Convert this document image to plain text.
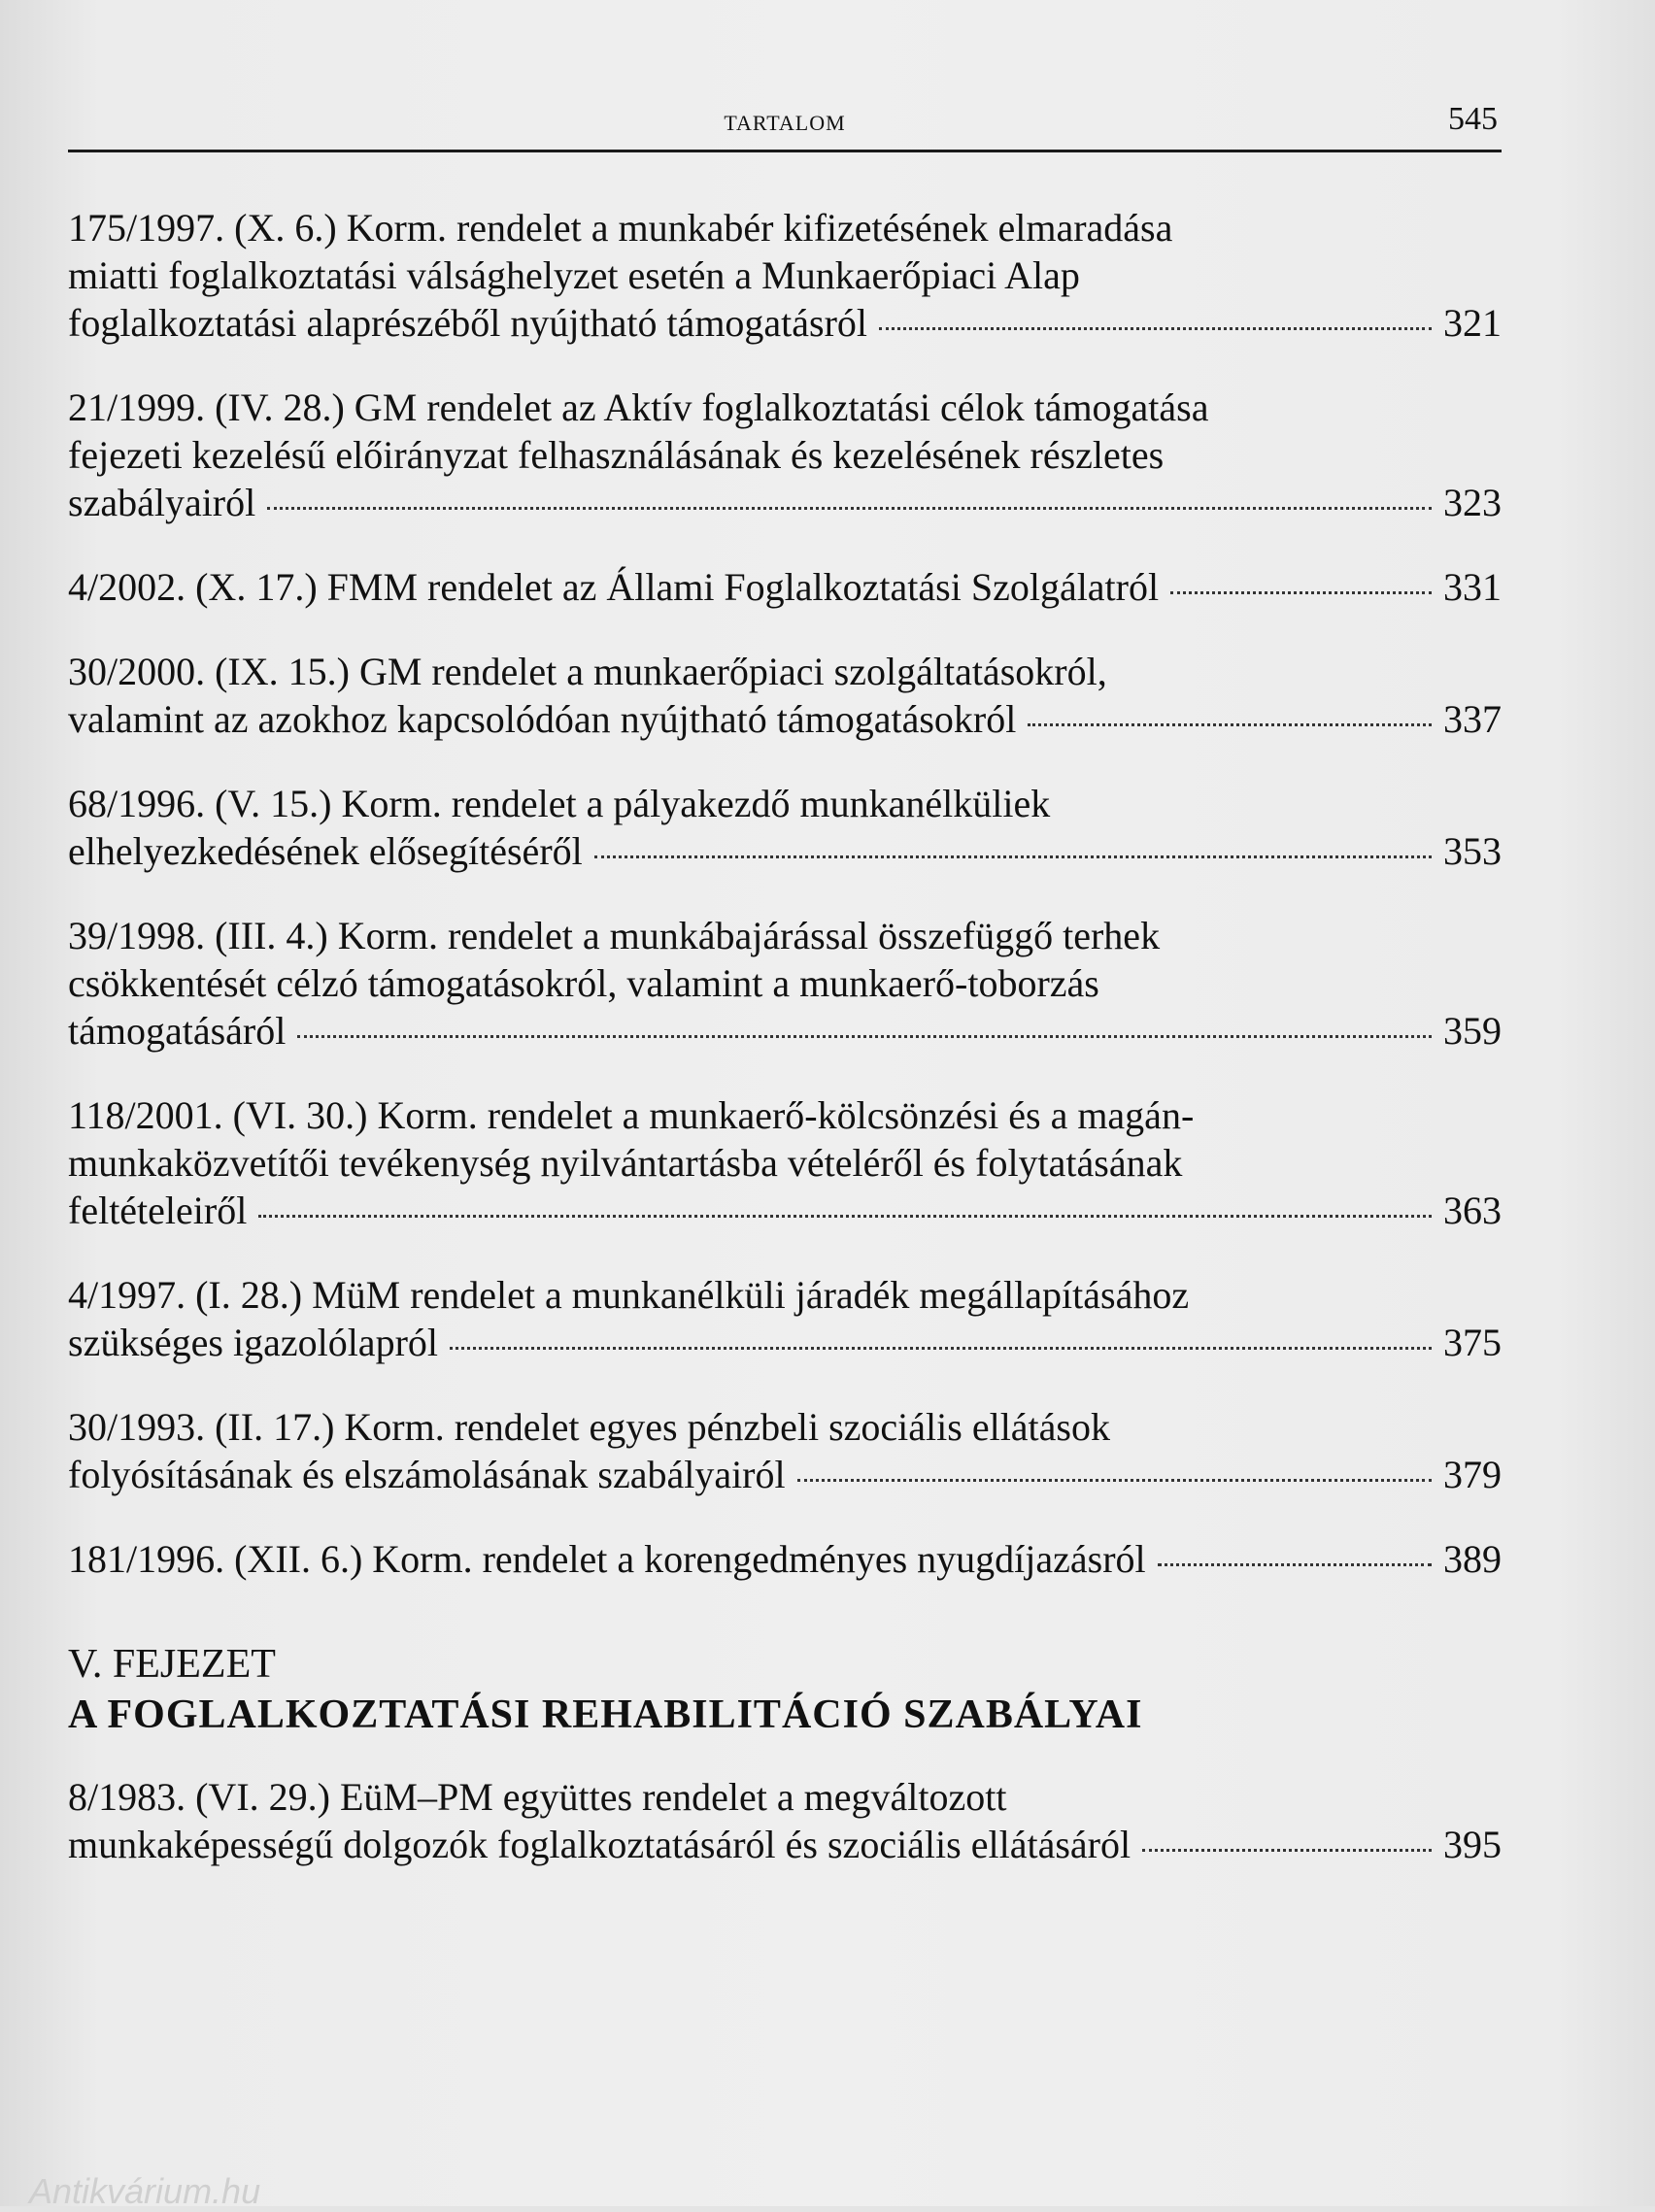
TARTALOM	545
175/1997. (X. 6.) Korm. rendelet a munkabér kifizetésének elmaradása
miatti foglalkoztatási válsághelyzet esetén a Munkaerőpiaci Alap
foglalkoztatási alaprészéből nyújtható támogatásról	321
21/1999. (IV. 28.) GM rendelet az Aktív foglalkoztatási célok támogatása
fejezeti kezelésű előirányzat felhasználásának és kezelésének részletes
szabályairól	323
4/2002. (X. 17.) FMM rendelet az Állami Foglalkoztatási Szolgálatról	331
30/2000. (IX. 15.) GM rendelet a munkaerőpiaci szolgáltatásokról,
valamint az azokhoz kapcsolódóan nyújtható támogatásokról	337
68/1996. (V. 15.) Korm. rendelet a pályakezdő munkanélküliek
elhelyezkedésének elősegítéséről	353
39/1998. (III. 4.) Korm. rendelet a munkábajárással összefüggő terhek
csökkentését célzó támogatásokról, valamint a munkaerő-toborzás
támogatásáról	359
118/2001. (VI. 30.) Korm. rendelet a munkaerő-kölcsönzési és a magán-
munkaközvetítői tevékenység nyilvántartásba vételéről és folytatásának
feltételeiről	363
4/1997. (I. 28.) MüM rendelet a munkanélküli járadék megállapításához
szükséges igazolólapról	375
30/1993. (II. 17.) Korm. rendelet egyes pénzbeli szociális ellátások
folyósításának és elszámolásának szabályairól	379
181/1996. (XII. 6.) Korm. rendelet a korengedményes nyugdíjazásról	389
V. FEJEZET
A FOGLALKOZTATÁSI REHABILITÁCIÓ SZABÁLYAI
8/1983. (VI. 29.) EüM–PM együttes rendelet a megváltozott
munkaképességű dolgozók foglalkoztatásáról és szociális ellátásáról	395
Antikvárium.hu
